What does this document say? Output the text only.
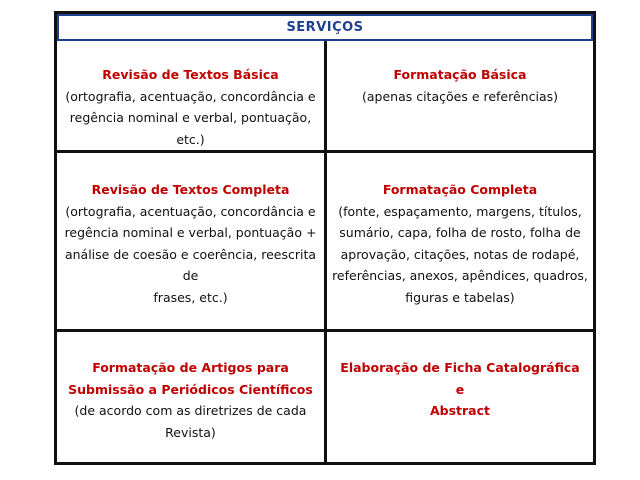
SERVIÇOS
Revisão de Textos Básica
(ortografia, acentuação, concordância e
regência nominal e verbal, pontuação, etc.)
Formatação Básica
(apenas citações e referências)
Revisão de Textos Completa
(ortografia, acentuação, concordância e
regência nominal e verbal, pontuação +
análise de coesão e coerência, reescrita de
frases, etc.)
Formatação Completa
(fonte, espaçamento, margens, títulos,
sumário, capa, folha de rosto, folha de
aprovação, citações, notas de rodapé,
referências, anexos, apêndices, quadros,
figuras e tabelas)
Formatação de Artigos para
Submissão a Periódicos Científicos
(de acordo com as diretrizes de cada
Revista)
Elaboração de Ficha Catalográfica
e
Abstract
